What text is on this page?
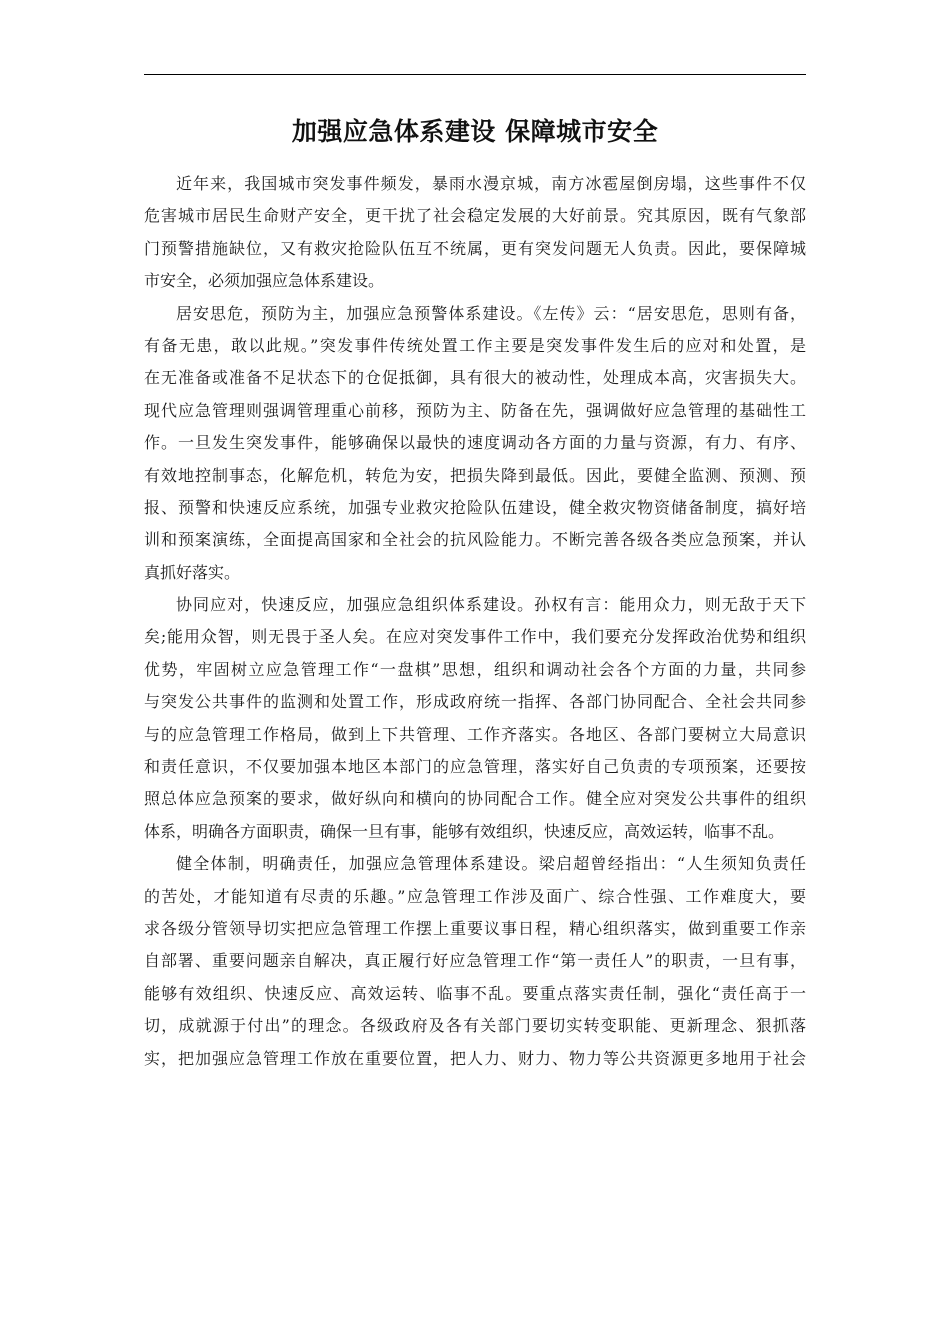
加强应急体系建设 保障城市安全
近年来，我国城市突发事件频发，暴雨水漫京城，南方冰雹屋倒房塌，这些事件不仅
危害城市居民生命财产安全，更干扰了社会稳定发展的大好前景。究其原因，既有气象部
门预警措施缺位，又有救灾抢险队伍互不统属，更有突发问题无人负责。因此，要保障城
市安全，必须加强应急体系建设。
居安思危，预防为主，加强应急预警体系建设。《左传》云：“居安思危，思则有备，
有备无患，敢以此规。”突发事件传统处置工作主要是突发事件发生后的应对和处置，是
在无准备或准备不足状态下的仓促抵御，具有很大的被动性，处理成本高，灾害损失大。
现代应急管理则强调管理重心前移，预防为主、防备在先，强调做好应急管理的基础性工
作。一旦发生突发事件，能够确保以最快的速度调动各方面的力量与资源，有力、有序、
有效地控制事态，化解危机，转危为安，把损失降到最低。因此，要健全监测、预测、预
报、预警和快速反应系统，加强专业救灾抢险队伍建设，健全救灾物资储备制度，搞好培
训和预案演练，全面提高国家和全社会的抗风险能力。不断完善各级各类应急预案，并认
真抓好落实。
协同应对，快速反应，加强应急组织体系建设。孙权有言：能用众力，则无敌于天下
矣;能用众智，则无畏于圣人矣。在应对突发事件工作中，我们要充分发挥政治优势和组织
优势，牢固树立应急管理工作“一盘棋”思想，组织和调动社会各个方面的力量，共同参
与突发公共事件的监测和处置工作，形成政府统一指挥、各部门协同配合、全社会共同参
与的应急管理工作格局，做到上下共管理、工作齐落实。各地区、各部门要树立大局意识
和责任意识，不仅要加强本地区本部门的应急管理，落实好自己负责的专项预案，还要按
照总体应急预案的要求，做好纵向和横向的协同配合工作。健全应对突发公共事件的组织
体系，明确各方面职责，确保一旦有事，能够有效组织，快速反应，高效运转，临事不乱。
健全体制，明确责任，加强应急管理体系建设。梁启超曾经指出：“人生须知负责任
的苦处，才能知道有尽责的乐趣。”应急管理工作涉及面广、综合性强、工作难度大，要
求各级分管领导切实把应急管理工作摆上重要议事日程，精心组织落实，做到重要工作亲
自部署、重要问题亲自解决，真正履行好应急管理工作“第一责任人”的职责，一旦有事，
能够有效组织、快速反应、高效运转、临事不乱。要重点落实责任制，强化“责任高于一
切，成就源于付出”的理念。各级政府及各有关部门要切实转变职能、更新理念、狠抓落
实，把加强应急管理工作放在重要位置，把人力、财力、物力等公共资源更多地用于社会
